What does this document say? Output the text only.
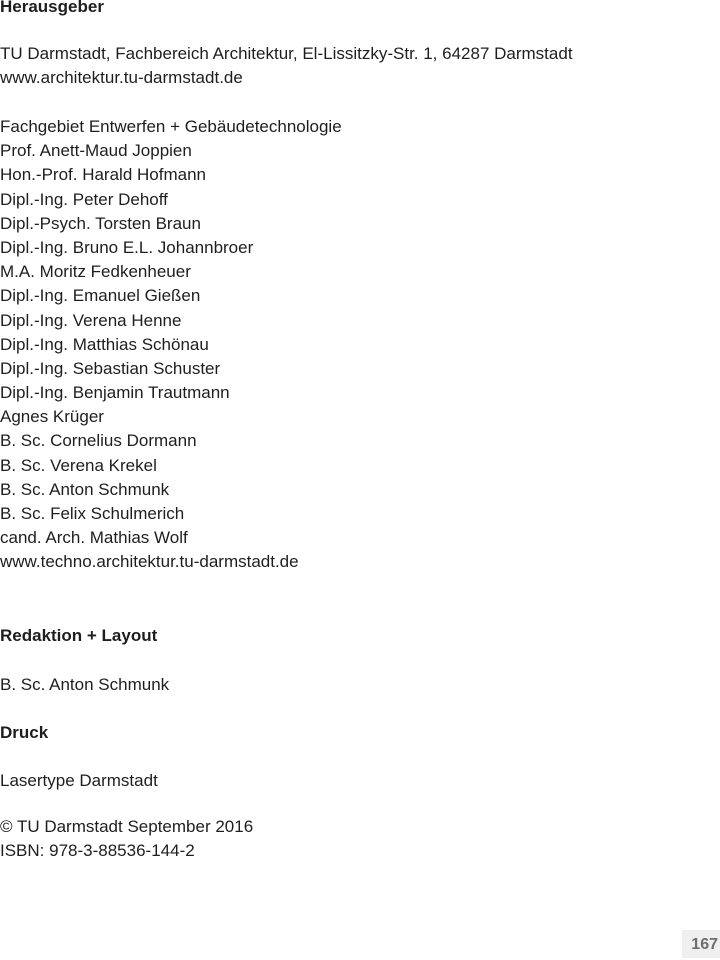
Herausgeber
TU Darmstadt, Fachbereich Architektur, El-Lissitzky-Str. 1, 64287 Darmstadt
www.architektur.tu-darmstadt.de
Fachgebiet Entwerfen + Gebäudetechnologie
Prof. Anett-Maud Joppien
Hon.-Prof. Harald Hofmann
Dipl.-Ing. Peter Dehoff
Dipl.-Psych. Torsten Braun
Dipl.-Ing. Bruno E.L. Johannbroer
M.A. Moritz Fedkenheuer
Dipl.-Ing. Emanuel Gießen
Dipl.-Ing. Verena Henne
Dipl.-Ing. Matthias Schönau
Dipl.-Ing. Sebastian Schuster
Dipl.-Ing. Benjamin Trautmann
Agnes Krüger
B. Sc. Cornelius Dormann
B. Sc. Verena Krekel
B. Sc. Anton Schmunk
B. Sc. Felix Schulmerich
cand. Arch. Mathias Wolf
www.techno.architektur.tu-darmstadt.de
Redaktion + Layout
B. Sc. Anton Schmunk
Druck
Lasertype Darmstadt
© TU Darmstadt September 2016
ISBN: 978-3-88536-144-2
167
